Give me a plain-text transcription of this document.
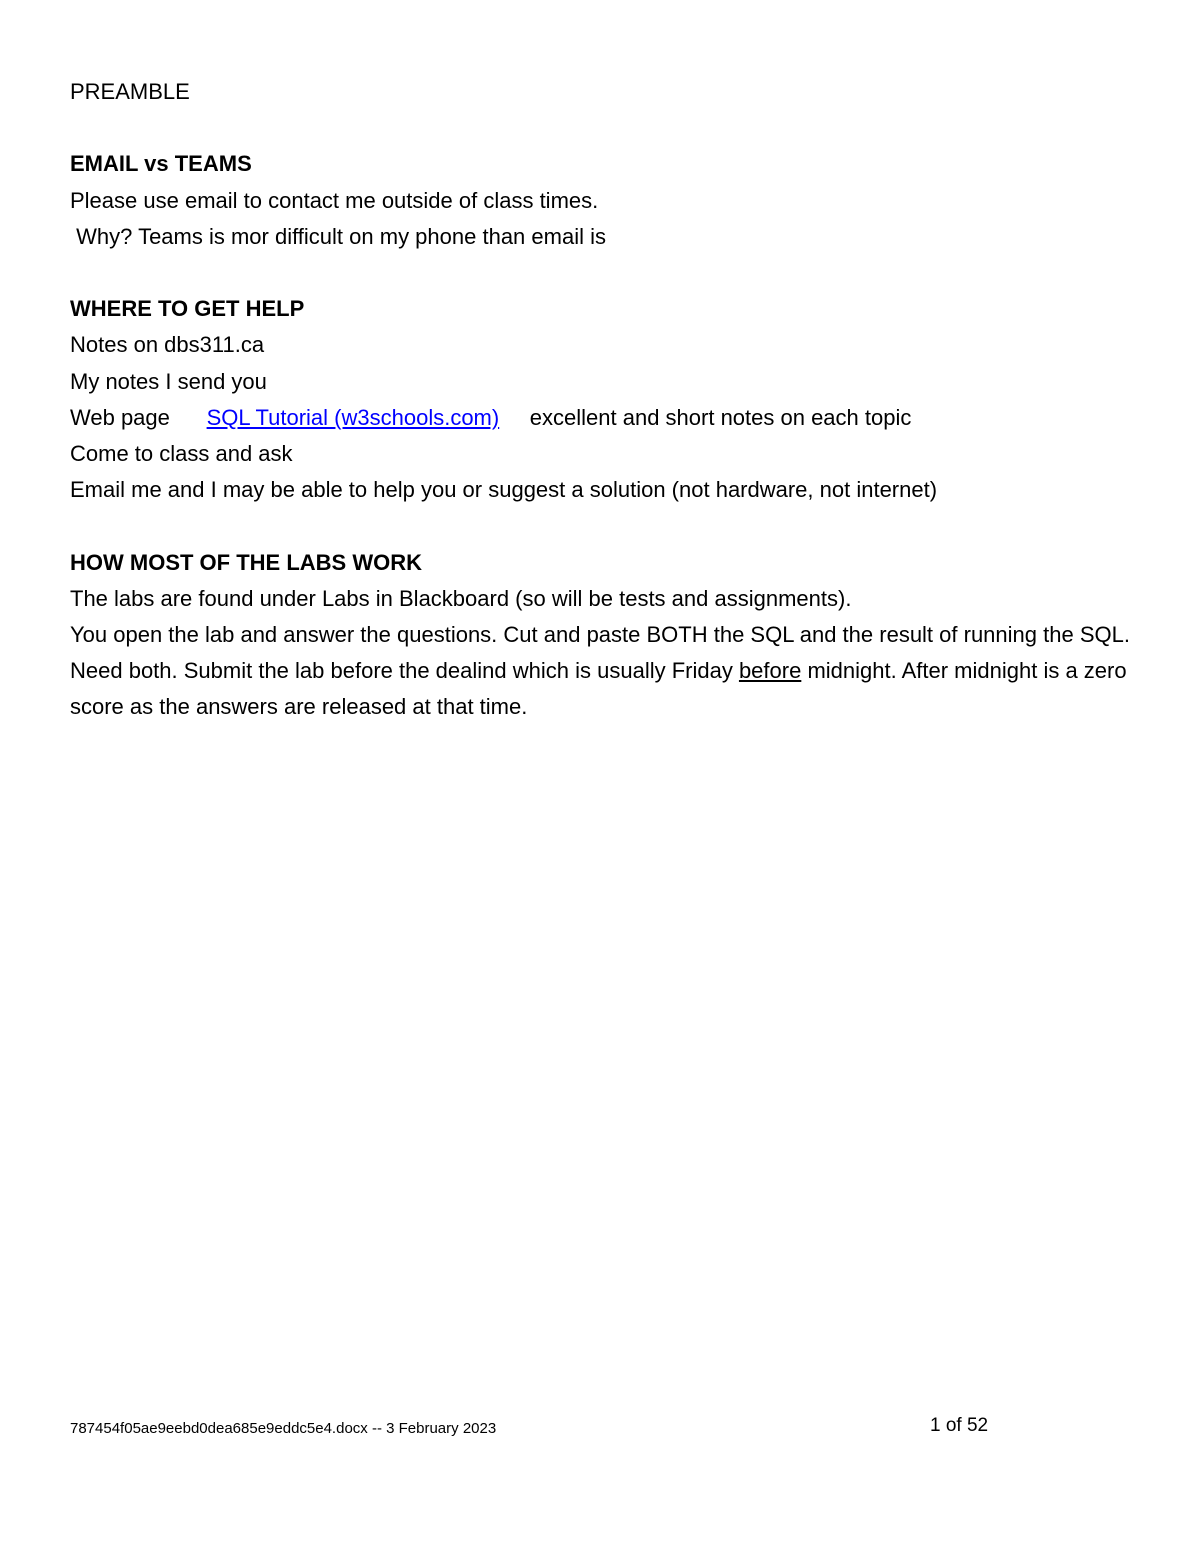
PREAMBLE

EMAIL vs TEAMS

Please use email to contact me outside of class times.

Why? Teams is mor difficult on my phone than email is

WHERE TO GET HELP

Notes on dbs311.ca

My notes I send you

Web page SQL Tutorial (w3schools.com) excellent and short notes on each topic

Come to class and ask

Email me and I may be able to help you or suggest a solution (not hardware, not internet)

HOW MOST OF THE LABS WORK

The labs are found under Labs in Blackboard (so will be tests and assignments).

You open the lab and answer the questions. Cut and paste BOTH the SQL and the result of running the SQL. Need both. Submit the lab before the dealind which is usually Friday before midnight. After midnight is a zero score as the answers are released at that time.

787454f05ae9eebd0dea685e9eddc5e4.docx -- 3 February 2023	1 of 52
